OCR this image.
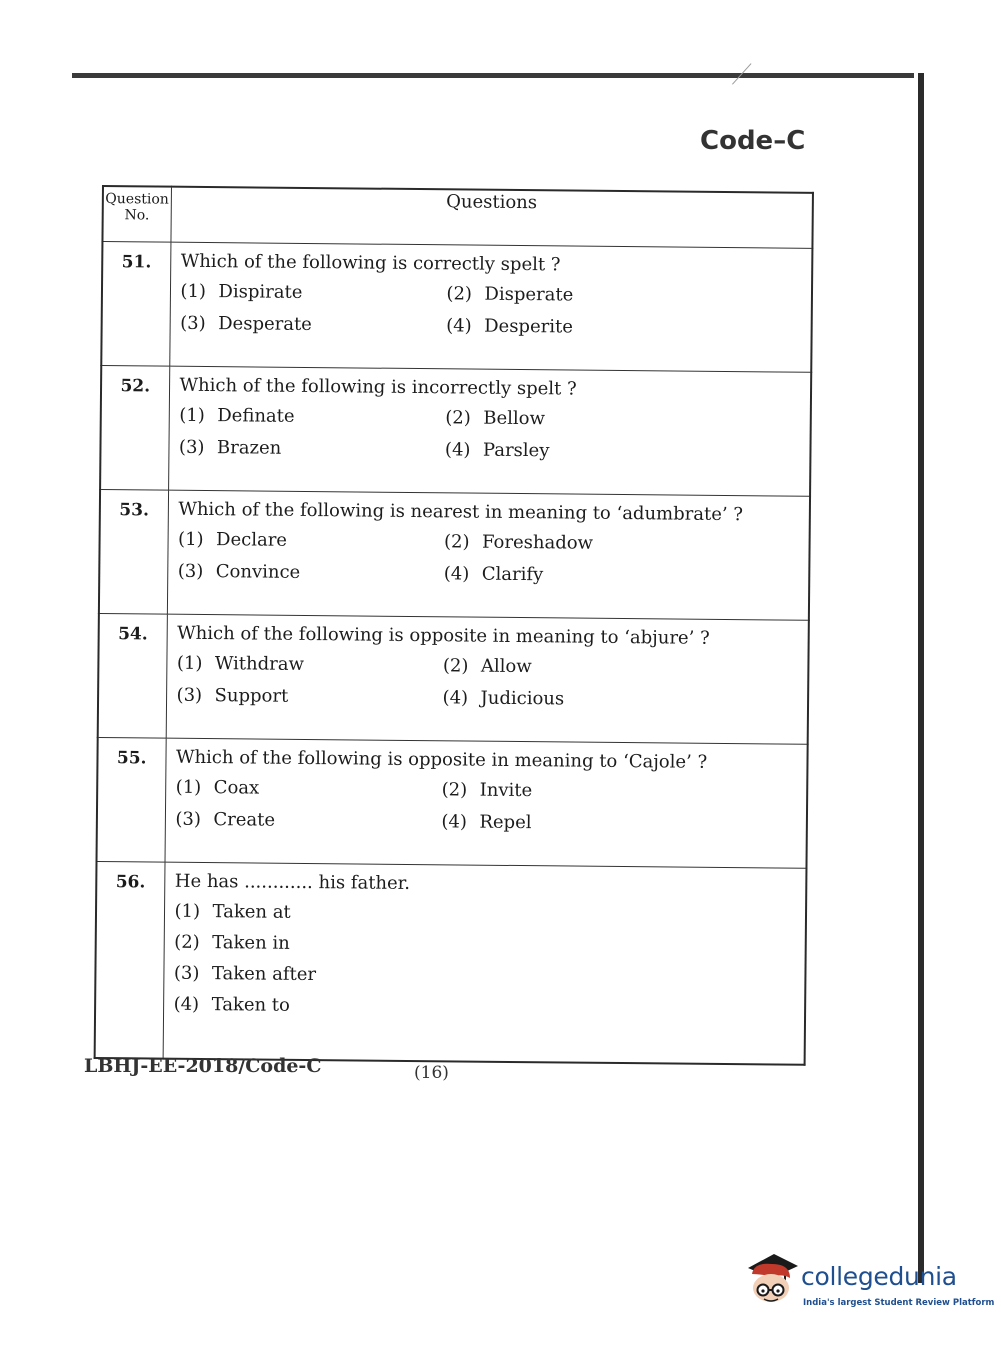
Code–C
Question No.	Questions
51.	Which of the following is correctly spelt ?
(1) Dispirate (2) Disperate
(3) Desperate (4) Desperite

52.	Which of the following is incorrectly spelt ?
(1) Definate (2) Bellow
(3) Brazen (4) Parsley

53.	Which of the following is nearest in meaning to ‘adumbrate’ ?
(1) Declare (2) Foreshadow
(3) Convince (4) Clarify

54.	Which of the following is opposite in meaning to ‘abjure’ ?
(1) Withdraw (2) Allow
(3) Support (4) Judicious

55.	Which of the following is opposite in meaning to ‘Cajole’ ?
(1) Coax (2) Invite
(3) Create (4) Repel

56.	He has ............ his father.
(1) Taken at
(2) Taken in
(3) Taken after
(4) Taken to
LBHJ-EE-2018/Code-C	(16)
collegedunia
India's largest Student Review Platform
